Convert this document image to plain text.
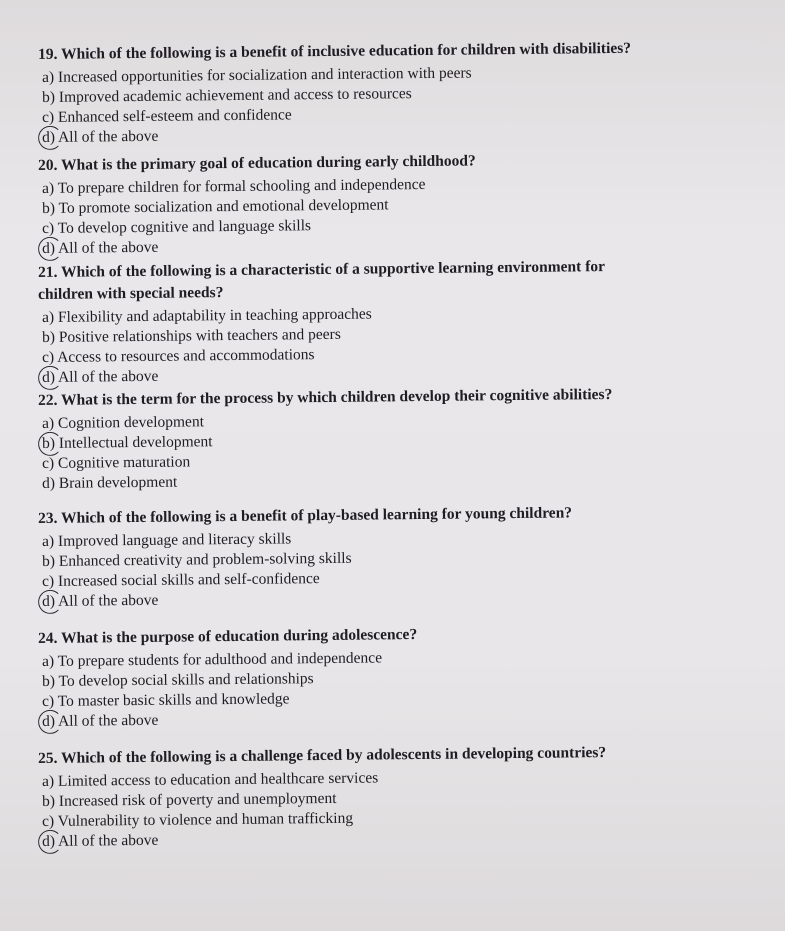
19. Which of the following is a benefit of inclusive education for children with disabilities?

a) Increased opportunities for socialization and interaction with peers
b) Improved academic achievement and access to resources
c) Enhanced self-esteem and confidence
d) All of the above

20. What is the primary goal of education during early childhood?

a) To prepare children for formal schooling and independence
b) To promote socialization and emotional development
c) To develop cognitive and language skills
d) All of the above

21. Which of the following is a characteristic of a supportive learning environment for

children with special needs?

a) Flexibility and adaptability in teaching approaches
b) Positive relationships with teachers and peers
c) Access to resources and accommodations
d) All of the above

22. What is the term for the process by which children develop their cognitive abilities?

a) Cognition development
b) Intellectual development
c) Cognitive maturation
d) Brain development

23. Which of the following is a benefit of play-based learning for young children?

a) Improved language and literacy skills
b) Enhanced creativity and problem-solving skills
c) Increased social skills and self-confidence
d) All of the above

24. What is the purpose of education during adolescence?

a) To prepare students for adulthood and independence
b) To develop social skills and relationships
c) To master basic skills and knowledge
d) All of the above

25. Which of the following is a challenge faced by adolescents in developing countries?

a) Limited access to education and healthcare services
b) Increased risk of poverty and unemployment
c) Vulnerability to violence and human trafficking
d) All of the above
